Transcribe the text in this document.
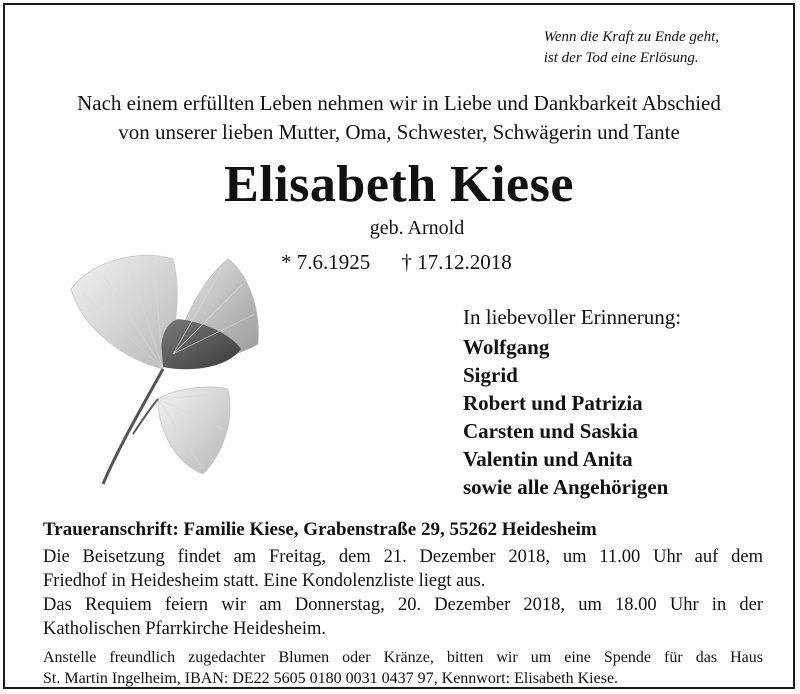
Wenn die Kraft zu Ende geht,
ist der Tod eine Erlösung.
Nach einem erfüllten Leben nehmen wir in Liebe und Dankbarkeit Abschied
von unserer lieben Mutter, Oma, Schwester, Schwägerin und Tante
Elisabeth Kiese
geb. Arnold
* 7.6.1925 † 17.12.2018
In liebevoller Erinnerung:
Wolfgang
Sigrid
Robert und Patrizia
Carsten und Saskia
Valentin und Anita
sowie alle Angehörigen
Traueranschrift: Familie Kiese, Grabenstraße 29, 55262 Heidesheim
Die Beisetzung findet am Freitag, dem 21. Dezember 2018, um 11.00 Uhr auf dem
Friedhof in Heidesheim statt. Eine Kondolenzliste liegt aus.
Das Requiem feiern wir am Donnerstag, 20. Dezember 2018, um 18.00 Uhr in der
Katholischen Pfarrkirche Heidesheim.
Anstelle freundlich zugedachter Blumen oder Kränze, bitten wir um eine Spende für das Haus
St. Martin Ingelheim, IBAN: DE22 5605 0180 0031 0437 97, Kennwort: Elisabeth Kiese.
